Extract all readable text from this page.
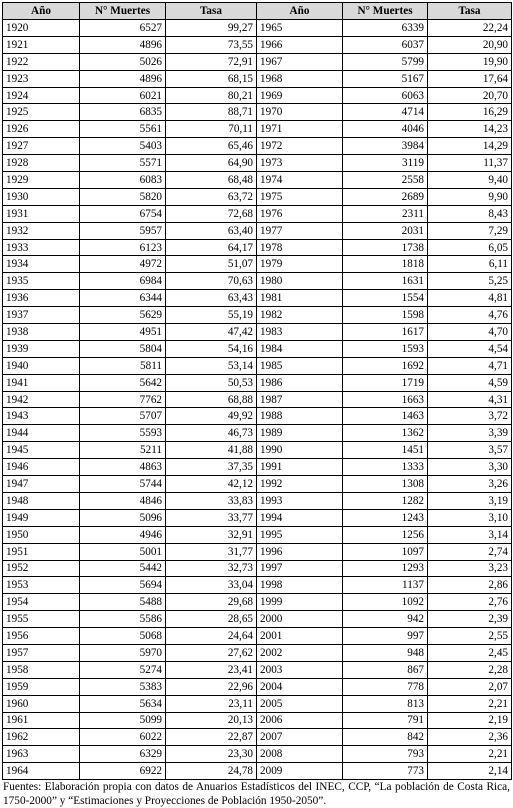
Año	N° Muertes	Tasa	Año	N° Muertes	Tasa
1920	6527	99,27	1965	6339	22,24
1921	4896	73,55	1966	6037	20,90
1922	5026	72,91	1967	5799	19,90
1923	4896	68,15	1968	5167	17,64
1924	6021	80,21	1969	6063	20,70
1925	6835	88,71	1970	4714	16,29
1926	5561	70,11	1971	4046	14,23
1927	5403	65,46	1972	3984	14,29
1928	5571	64,90	1973	3119	11,37
1929	6083	68,48	1974	2558	9,40
1930	5820	63,72	1975	2689	9,90
1931	6754	72,68	1976	2311	8,43
1932	5957	63,40	1977	2031	7,29
1933	6123	64,17	1978	1738	6,05
1934	4972	51,07	1979	1818	6,11
1935	6984	70,63	1980	1631	5,25
1936	6344	63,43	1981	1554	4,81
1937	5629	55,19	1982	1598	4,76
1938	4951	47,42	1983	1617	4,70
1939	5804	54,16	1984	1593	4,54
1940	5811	53,14	1985	1692	4,71
1941	5642	50,53	1986	1719	4,59
1942	7762	68,88	1987	1663	4,31
1943	5707	49,92	1988	1463	3,72
1944	5593	46,73	1989	1362	3,39
1945	5211	41,88	1990	1451	3,57
1946	4863	37,35	1991	1333	3,30
1947	5744	42,12	1992	1308	3,26
1948	4846	33,83	1993	1282	3,19
1949	5096	33,77	1994	1243	3,10
1950	4946	32,91	1995	1256	3,14
1951	5001	31,77	1996	1097	2,74
1952	5442	32,73	1997	1293	3,23
1953	5694	33,04	1998	1137	2,86
1954	5488	29,68	1999	1092	2,76
1955	5586	28,65	2000	942	2,39
1956	5068	24,64	2001	997	2,55
1957	5970	27,62	2002	948	2,45
1958	5274	23,41	2003	867	2,28
1959	5383	22,96	2004	778	2,07
1960	5634	23,11	2005	813	2,21
1961	5099	20,13	2006	791	2,19
1962	6022	22,87	2007	842	2,36
1963	6329	23,30	2008	793	2,21
1964	6922	24,78	2009	773	2,14
Fuentes: Elaboración propia con datos de Anuarios Estadísticos del INEC, CCP, “La población de Costa Rica, 1750-2000” y “Estimaciones y Proyecciones de Población 1950-2050”.
